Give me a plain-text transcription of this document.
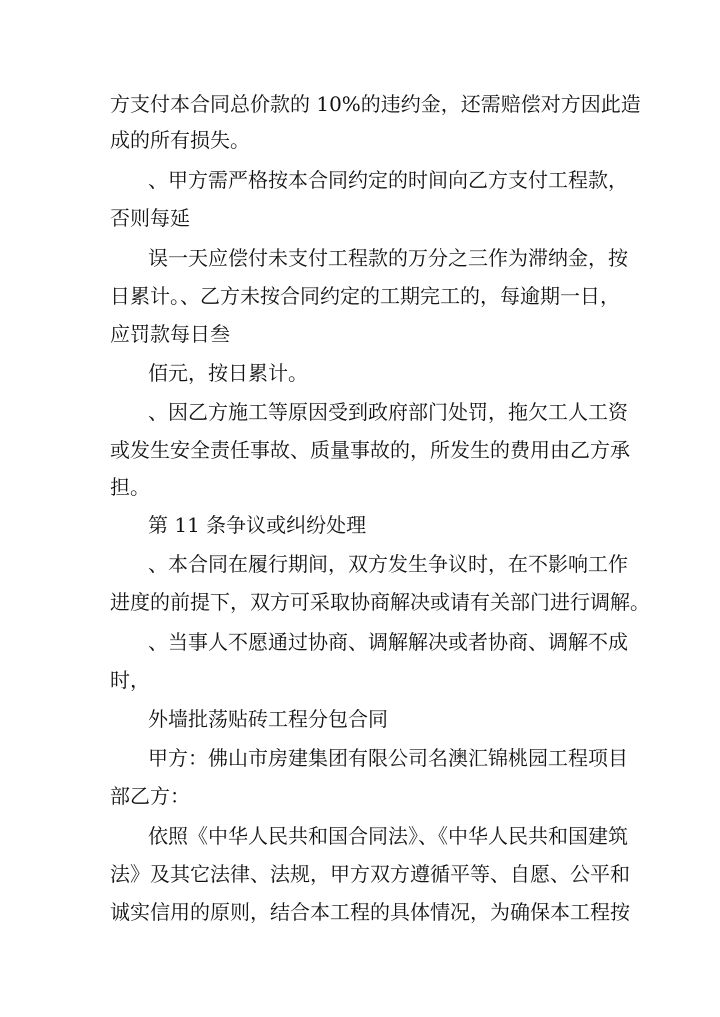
方支付本合同总价款的 10%的违约金，还需赔偿对方因此造
成的所有损失。
、甲方需严格按本合同约定的时间向乙方支付工程款，
否则每延
误一天应偿付未支付工程款的万分之三作为滞纳金，按
日累计。、乙方未按合同约定的工期完工的，每逾期一日，
应罚款每日叁
佰元，按日累计。
、因乙方施工等原因受到政府部门处罚，拖欠工人工资
或发生安全责任事故、质量事故的，所发生的费用由乙方承
担。
第 11 条争议或纠纷处理
、本合同在履行期间，双方发生争议时，在不影响工作
进度的前提下，双方可采取协商解决或请有关部门进行调解。
、当事人不愿通过协商、调解解决或者协商、调解不成
时，
外墙批荡贴砖工程分包合同
甲方：佛山市房建集团有限公司名澳汇锦桃园工程项目
部乙方：
依照《中华人民共和国合同法》、《中华人民共和国建筑
法》及其它法律、法规，甲方双方遵循平等、自愿、公平和
诚实信用的原则，结合本工程的具体情况，为确保本工程按
